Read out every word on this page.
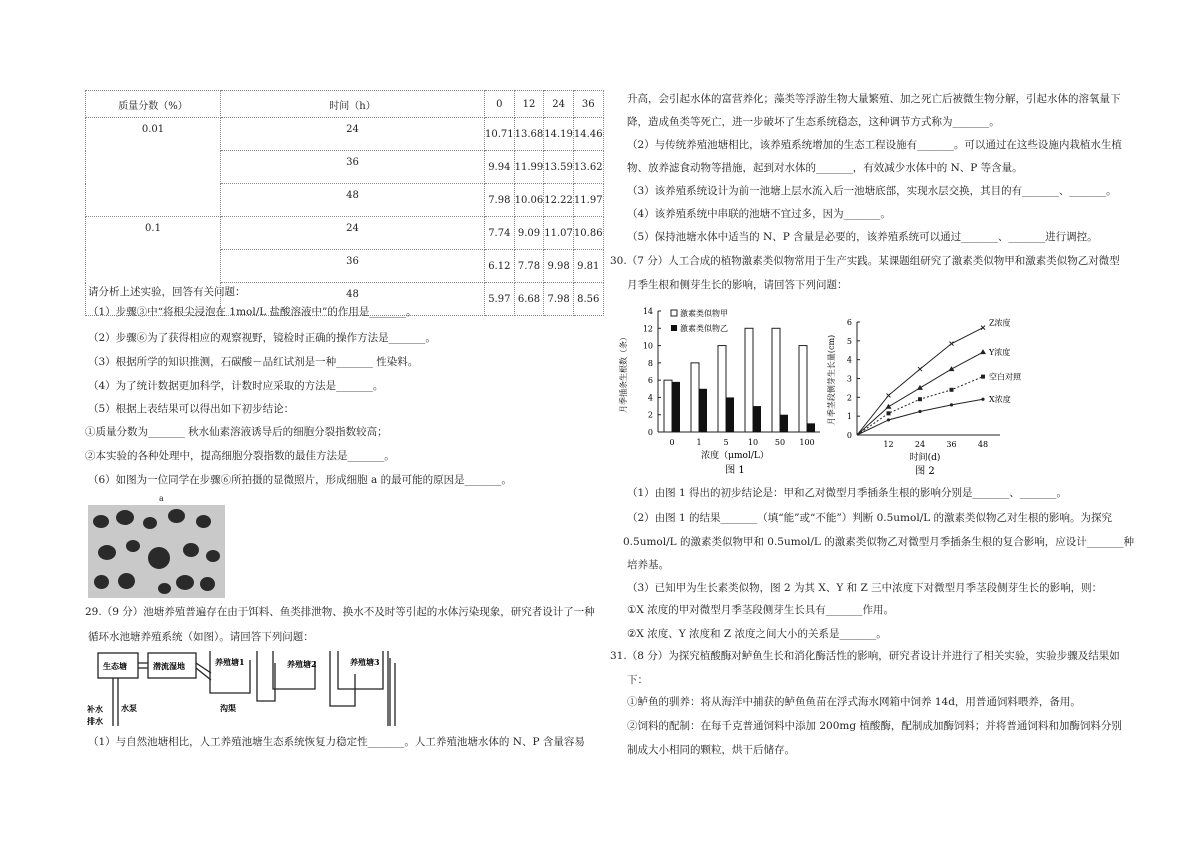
质量分数（%）	时间（h）	0	12	24	36
0.01	24	10.71	13.68	14.19	14.46
	36	9.94	11.99	13.59	13.62
	48	7.98	10.06	12.22	11.97
0.1	24	7.74	9.09	11.07	10.86
	36	6.12	7.78	9.98	9.81
	48	5.97	6.68	7.98	8.56
请分析上述实验，回答有关问题：
（1）步骤③中“将根尖浸泡在 1mol/L 盐酸溶液中”的作用是_______。
（2）步骤⑥为了获得相应的观察视野，镜检时正确的操作方法是_______。
（3）根据所学的知识推测，石碳酸－品红试剂是一种_______ 性染料。
（4）为了统计数据更加科学，计数时应采取的方法是_______。
（5）根据上表结果可以得出如下初步结论：
①质量分数为_______ 秋水仙素溶液诱导后的细胞分裂指数较高；
②本实验的各种处理中，提高细胞分裂指数的最佳方法是_______。
（6）如图为一位同学在步骤⑥所拍摄的显微照片，形成细胞 a 的最可能的原因是_______。
a
29.（9 分）池塘养殖普遍存在由于饵料、鱼类排泄物、换水不及时等引起的水体污染现象，研究者设计了一种
循环水池塘养殖系统（如图）。请回答下列问题：
生态塘	潜流湿地	养殖塘1	养殖塘2	养殖塘3
水泵	沟渠
补水
排水
（1）与自然池塘相比，人工养殖池塘生态系统恢复力稳定性_______。人工养殖池塘水体的 N、P 含量容易
升高，会引起水体的富营养化；藻类等浮游生物大量繁殖、加之死亡后被微生物分解，引起水体的溶氧量下
降，造成鱼类等死亡，进一步破坏了生态系统稳态，这种调节方式称为_______。
（2）与传统养殖池塘相比，该养殖系统增加的生态工程设施有_______。可以通过在这些设施内栽植水生植
物、放养滤食动物等措施，起到对水体的_______，有效减少水体中的 N、P 等含量。
（3）该养殖系统设计为前一池塘上层水流入后一池塘底部，实现水层交换，其目的有_______、_______。
（4）该养殖系统中串联的池塘不宜过多，因为_______。
（5）保持池塘水体中适当的 N、P 含量是必要的，该养殖系统可以通过_______、_______进行调控。
30.（7 分）人工合成的植物激素类似物常用于生产实践。某课题组研究了激素类似物甲和激素类似物乙对微型
月季生根和侧芽生长的影响，请回答下列问题：
0
2
4
6
8
10
12
14
0	1	5 10 50 100
激素类似物甲
激素类似物乙
浓度（μmol/L）
图 1
月季插条生根数（条）
0
1
2
3
4
5
6
12	24	36	48
Z浓度
Y浓度
空白对照
X浓度
时间(d)
图 2
月季茎段侧芽生长量(cm)
（1）由图 1 得出的初步结论是：甲和乙对微型月季插条生根的影响分别是_______、_______。
（2）由图 1 的结果_______（填“能”或“不能”）判断 0.5umol/L 的激素类似物乙对生根的影响。为探究
0.5umol/L 的激素类似物甲和 0.5umol/L 的激素类似物乙对微型月季插条生根的复合影响，应设计_______种
培养基。
（3）已知甲为生长素类似物，图 2 为其 X、Y 和 Z 三中浓度下对微型月季茎段侧芽生长的影响，则：
①X 浓度的甲对微型月季茎段侧芽生长具有_______作用。
②X 浓度、Y 浓度和 Z 浓度之间大小的关系是_______。
31.（8 分）为探究植酸酶对鲈鱼生长和消化酶活性的影响，研究者设计并进行了相关实验，实验步骤及结果如
下：
①鲈鱼的驯养：将从海洋中捕获的鲈鱼鱼苗在浮式海水网箱中饲养 14d，用普通饲料喂养，备用。
②饲料的配制：在每千克普通饲料中添加 200mg 植酸酶，配制成加酶饲料；并将普通饲料和加酶饲料分别
制成大小相同的颗粒，烘干后储存。
